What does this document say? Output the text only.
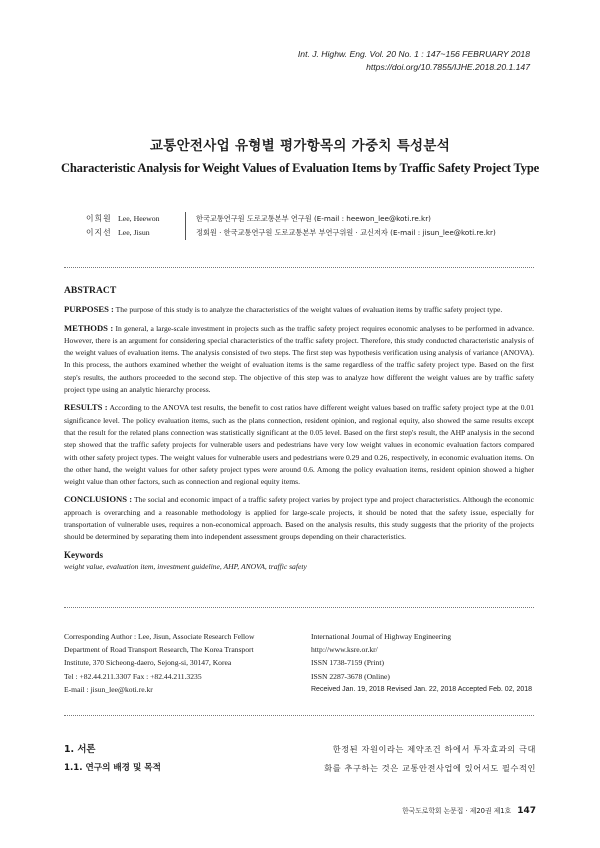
Int. J. Highw. Eng. Vol. 20 No. 1 : 147~156 FEBRUARY 2018
https://doi.org/10.7855/IJHE.2018.20.1.147
교통안전사업 유형별 평가항목의 가중치 특성분석
Characteristic Analysis for Weight Values of Evaluation Items by Traffic Safety Project Type
이희원 Lee, Heewon	한국교통연구원 도로교통본부 연구원 (E-mail : heewon_lee@koti.re.kr)
이지선 Lee, Jisun	정회원 · 한국교통연구원 도로교통본부 부연구위원 · 교신저자 (E-mail : jisun_lee@koti.re.kr)
ABSTRACT

PURPOSES : The purpose of this study is to analyze the characteristics of the weight values of evaluation items by traffic safety project type.

METHODS : In general, a large-scale investment in projects such as the traffic safety project requires economic analyses to be performed in advance. However, there is an argument for considering special characteristics of the traffic safety project. Therefore, this study conducted characteristic analysis of the weight values of evaluation items. The analysis consisted of two steps. The first step was hypothesis verification using analysis of variance (ANOVA). In this process, the authors examined whether the weight of evaluation items is the same regardless of the traffic safety project type. Based on the first step's results, the authors proceeded to the second step. The objective of this step was to analyze how different the weight values are by traffic safety project type using an analytic hierarchy process.

RESULTS : According to the ANOVA test results, the benefit to cost ratios have different weight values based on traffic safety project type at the 0.01 significance level. The policy evaluation items, such as the plans connection, resident opinion, and regional equity, also showed the same results except that the result for the related plans connection was statistically significant at the 0.05 level. Based on the first step's result, the AHP analysis in the second step showed that the traffic safety projects for vulnerable users and pedestrians have very low weight values in economic evaluation factors compared with other safety project types. The weight values for vulnerable users and pedestrians were 0.29 and 0.26, respectively, in economic evaluation items. On the other hand, the weight values for other safety project types were around 0.6. Among the policy evaluation items, resident opinion showed a higher weight value than other factors, such as connection and regional equity items.

CONCLUSIONS : The social and economic impact of a traffic safety project varies by project type and project characteristics. Although the economic approach is overarching and a reasonable methodology is applied for large-scale projects, it should be noted that the safety issue, especially for transportation of vulnerable uses, requires a non-economical approach. Based on the analysis results, this study suggests that the priority of the projects should be determined by separating them into independent assessment groups depending on their characteristics.

Keywords
weight value, evaluation item, investment guideline, AHP, ANOVA, traffic safety
Corresponding Author : Lee, Jisun, Associate Research Fellow
Department of Road Transport Research, The Korea Transport
Institute, 370 Sicheong-daero, Sejong-si, 30147, Korea
Tel : +82.44.211.3307 Fax : +82.44.211.3235
E-mail : jisun_lee@koti.re.kr
International Journal of Highway Engineering
http://www.ksre.or.kr/
ISSN 1738-7159 (Print)
ISSN 2287-3678 (Online)
Received Jan. 19, 2018 Revised Jan. 22, 2018 Accepted Feb. 02, 2018
1. 서론
1.1. 연구의 배경 및 목적
한정된 자원이라는 제약조건 하에서 투자효과의 극대
화를 추구하는 것은 교통안전사업에 있어서도 필수적인
한국도로학회 논문집 · 제20권 제1호 147
